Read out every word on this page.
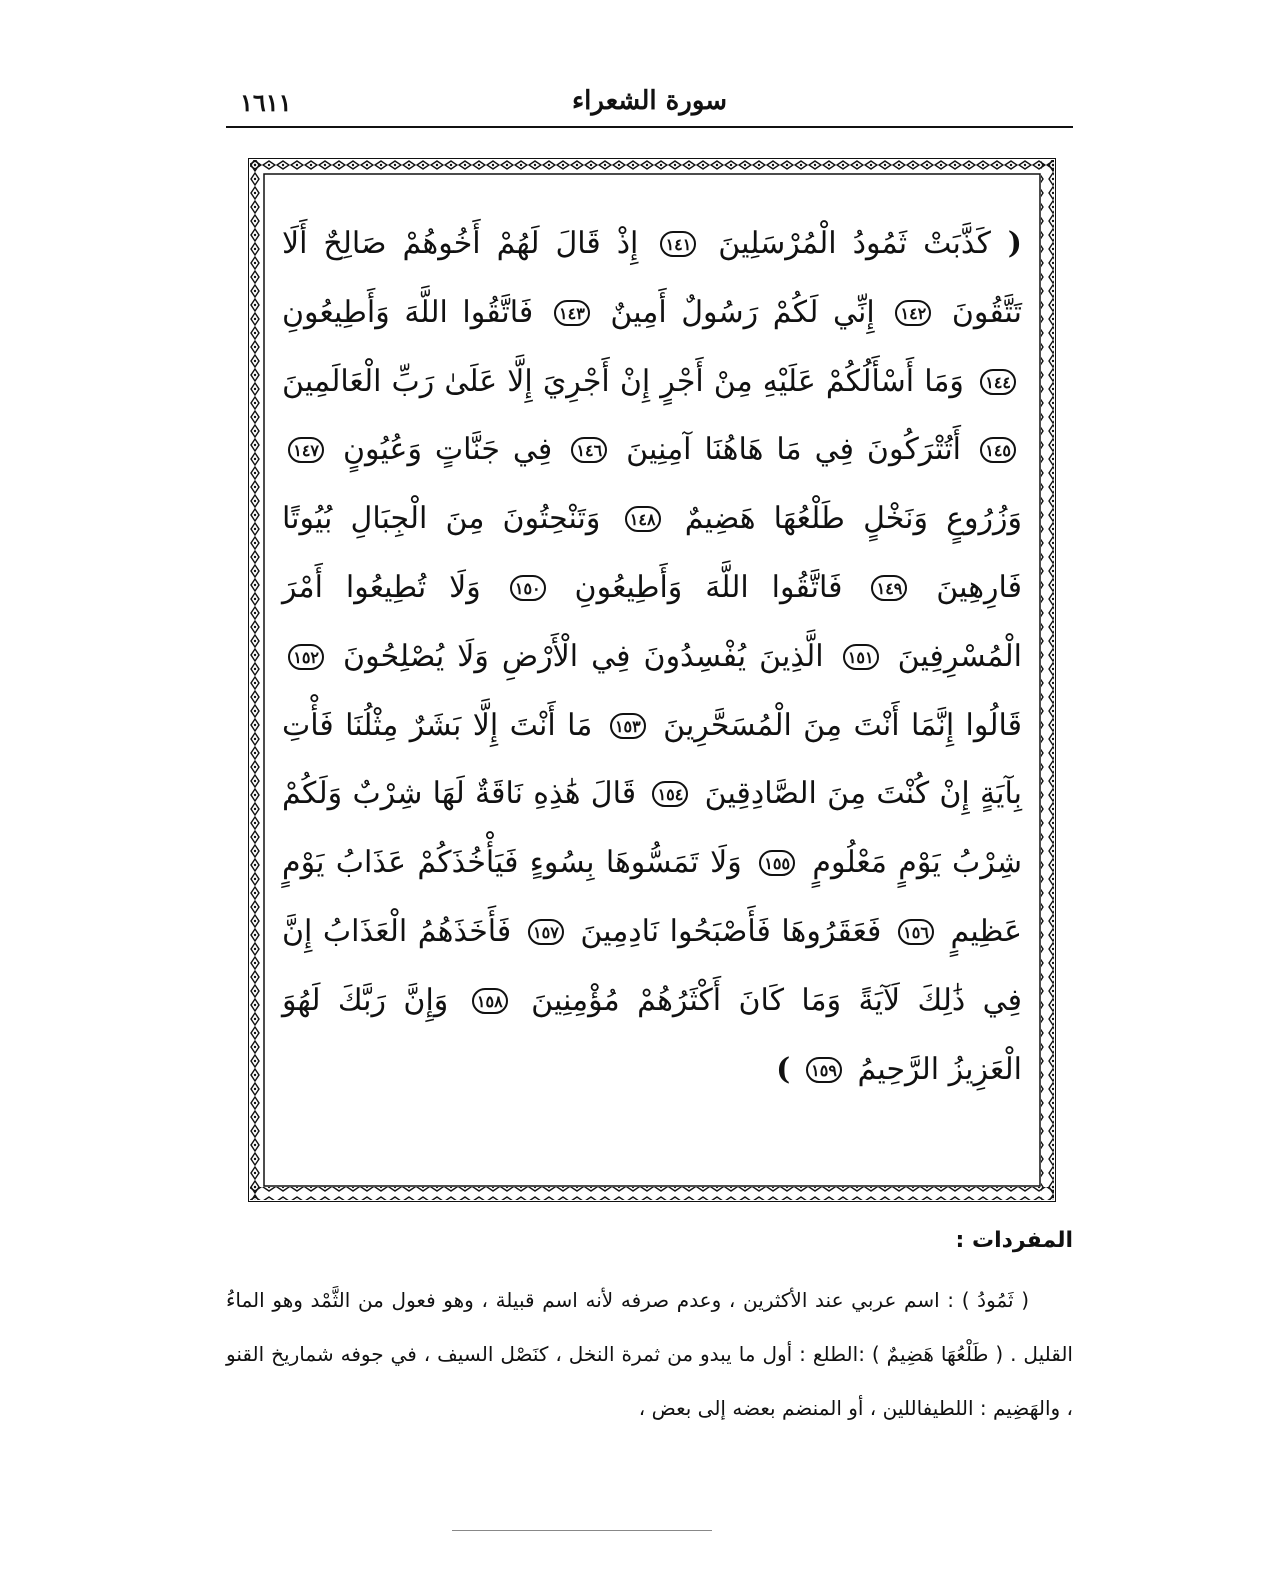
سورة الشعراء
١٦١١
( كَذَّبَتْ ثَمُودُ الْمُرْسَلِينَ ١٤١ إِذْ قَالَ لَهُمْ أَخُوهُمْ صَالِحٌ أَلَا تَتَّقُونَ ١٤٢ إِنِّي لَكُمْ رَسُولٌ أَمِينٌ ١٤٣ فَاتَّقُوا اللَّهَ وَأَطِيعُونِ ١٤٤ وَمَا أَسْأَلُكُمْ عَلَيْهِ مِنْ أَجْرٍ إِنْ أَجْرِيَ إِلَّا عَلَىٰ رَبِّ الْعَالَمِينَ ١٤٥ أَتُتْرَكُونَ فِي مَا هَاهُنَا آمِنِينَ ١٤٦ فِي جَنَّاتٍ وَعُيُونٍ ١٤٧ وَزُرُوعٍ وَنَخْلٍ طَلْعُهَا هَضِيمٌ ١٤٨ وَتَنْحِتُونَ مِنَ الْجِبَالِ بُيُوتًا فَارِهِينَ ١٤٩ فَاتَّقُوا اللَّهَ وَأَطِيعُونِ ١٥٠ وَلَا تُطِيعُوا أَمْرَ الْمُسْرِفِينَ ١٥١ الَّذِينَ يُفْسِدُونَ فِي الْأَرْضِ وَلَا يُصْلِحُونَ ١٥٢ قَالُوا إِنَّمَا أَنْتَ مِنَ الْمُسَحَّرِينَ ١٥٣ مَا أَنْتَ إِلَّا بَشَرٌ مِثْلُنَا فَأْتِ بِآيَةٍ إِنْ كُنْتَ مِنَ الصَّادِقِينَ ١٥٤ قَالَ هَٰذِهِ نَاقَةٌ لَهَا شِرْبٌ وَلَكُمْ شِرْبُ يَوْمٍ مَعْلُومٍ ١٥٥ وَلَا تَمَسُّوهَا بِسُوءٍ فَيَأْخُذَكُمْ عَذَابُ يَوْمٍ عَظِيمٍ ١٥٦ فَعَقَرُوهَا فَأَصْبَحُوا نَادِمِينَ ١٥٧ فَأَخَذَهُمُ الْعَذَابُ إِنَّ فِي ذَٰلِكَ لَآيَةً وَمَا كَانَ أَكْثَرُهُمْ مُؤْمِنِينَ ١٥٨ وَإِنَّ رَبَّكَ لَهُوَ الْعَزِيزُ الرَّحِيمُ ١٥٩ )
المفردات :
( ثَمُودُ ) : اسم عربي عند الأكثرين ، وعدم صرفه لأنه اسم قبيلة ، وهو فعول من الثَّمْد وهو الماءُ القليل . ( طَلْعُهَا هَضِيمٌ ) :الطلع : أول ما يبدو من ثمرة النخل ، كنَصْل السيف ، في جوفه شماريخ القنو ، والهَضِيم : اللطيفاللين ، أو المنضم بعضه إلى بعض ،
